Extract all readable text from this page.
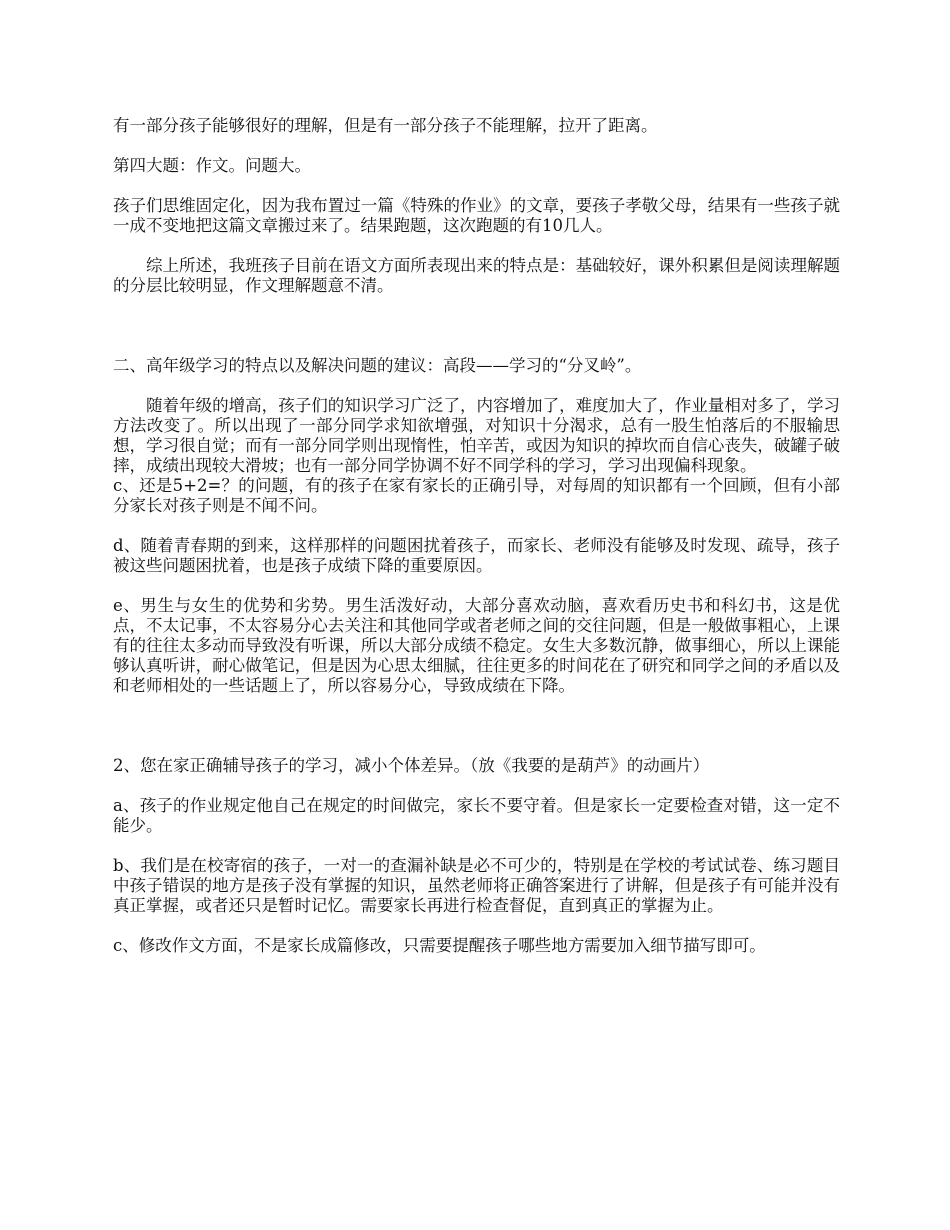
有一部分孩子能够很好的理解，但是有一部分孩子不能理解，拉开了距离。

第四大题：作文。问题大。

孩子们思维固定化，因为我布置过一篇《特殊的作业》的文章，要孩子孝敬父母，结果有一些孩子就一成不变地把这篇文章搬过来了。结果跑题，这次跑题的有10几人。

综上所述，我班孩子目前在语文方面所表现出来的特点是：基础较好，课外积累但是阅读理解题的分层比较明显，作文理解题意不清。

二、高年级学习的特点以及解决问题的建议：高段——学习的“分叉岭”。

随着年级的增高，孩子们的知识学习广泛了，内容增加了，难度加大了，作业量相对多了，学习方法改变了。所以出现了一部分同学求知欲增强，对知识十分渴求，总有一股生怕落后的不服输思想，学习很自觉；而有一部分同学则出现惰性，怕辛苦，或因为知识的掉坎而自信心丧失，破罐子破摔，成绩出现较大滑坡；也有一部分同学协调不好不同学科的学习，学习出现偏科现象。

c、还是5+2=？的问题，有的孩子在家有家长的正确引导，对每周的知识都有一个回顾，但有小部分家长对孩子则是不闻不问。

d、随着青春期的到来，这样那样的问题困扰着孩子，而家长、老师没有能够及时发现、疏导，孩子被这些问题困扰着，也是孩子成绩下降的重要原因。

e、男生与女生的优势和劣势。男生活泼好动，大部分喜欢动脑，喜欢看历史书和科幻书，这是优点，不太记事，不太容易分心去关注和其他同学或者老师之间的交往问题，但是一般做事粗心，上课有的往往太多动而导致没有听课，所以大部分成绩不稳定。女生大多数沉静，做事细心，所以上课能够认真听讲，耐心做笔记，但是因为心思太细腻，往往更多的时间花在了研究和同学之间的矛盾以及和老师相处的一些话题上了，所以容易分心，导致成绩在下降。

2、您在家正确辅导孩子的学习，减小个体差异。（放《我要的是葫芦》的动画片）

a、孩子的作业规定他自己在规定的时间做完，家长不要守着。但是家长一定要检查对错，这一定不能少。

b、我们是在校寄宿的孩子，一对一的查漏补缺是必不可少的，特别是在学校的考试试卷、练习题目中孩子错误的地方是孩子没有掌握的知识，虽然老师将正确答案进行了讲解，但是孩子有可能并没有真正掌握，或者还只是暂时记忆。需要家长再进行检查督促，直到真正的掌握为止。

c、修改作文方面，不是家长成篇修改，只需要提醒孩子哪些地方需要加入细节描写即可。
